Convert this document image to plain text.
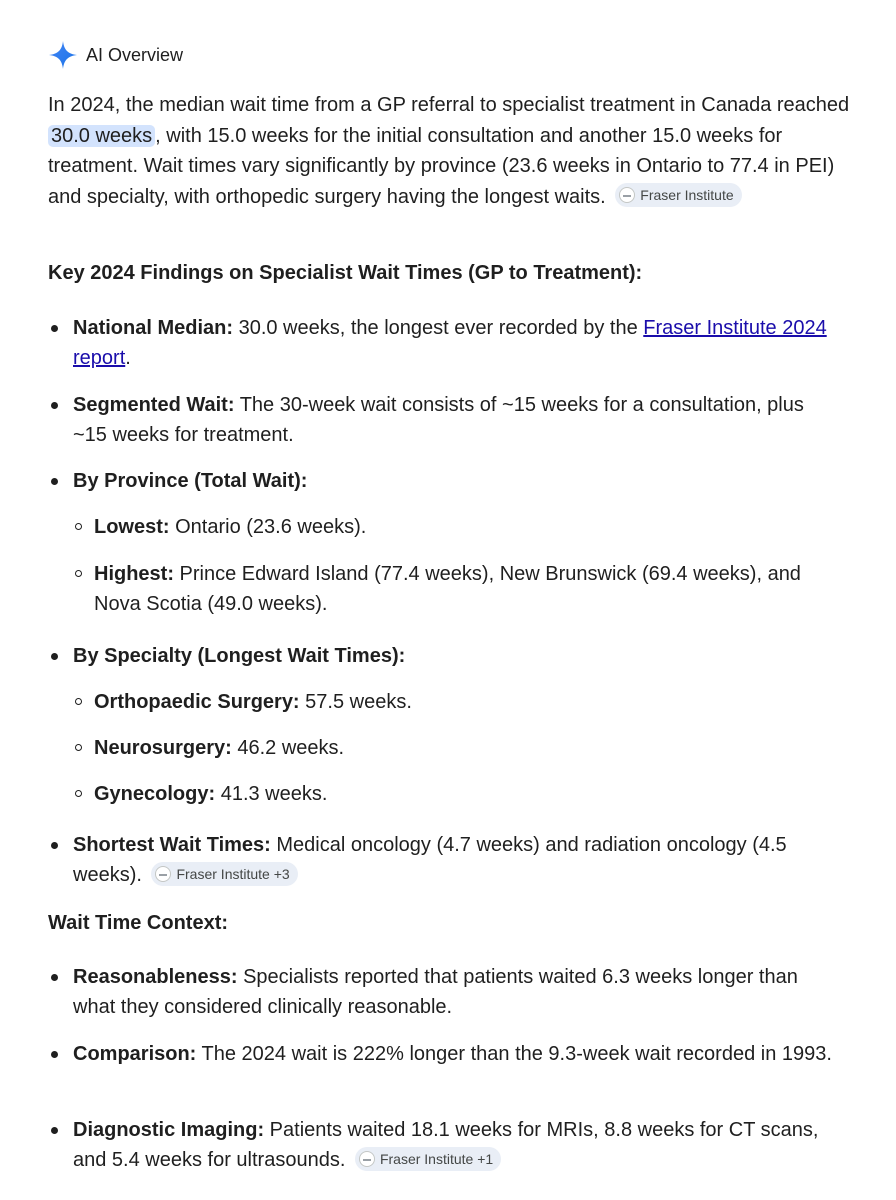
AI Overview
In 2024, the median wait time from a GP referral to specialist treatment in Canada reached 30.0 weeks , with 15.0 weeks for the initial consultation and another 15.0 weeks for treatment. Wait times vary significantly by province (23.6 weeks in Ontario to 77.4 in PEI) and specialty, with orthopedic surgery having the longest waits. Fraser Institute
Key 2024 Findings on Specialist Wait Times (GP to Treatment):
National Median: 30.0 weeks, the longest ever recorded by the Fraser Institute 2024 report.
Segmented Wait: The 30-week wait consists of ~15 weeks for a consultation, plus ~15 weeks for treatment.
By Province (Total Wait):
Lowest: Ontario (23.6 weeks).
Highest: Prince Edward Island (77.4 weeks), New Brunswick (69.4 weeks), and Nova Scotia (49.0 weeks).
By Specialty (Longest Wait Times):
Orthopaedic Surgery: 57.5 weeks.
Neurosurgery: 46.2 weeks.
Gynecology: 41.3 weeks.
Shortest Wait Times: Medical oncology (4.7 weeks) and radiation oncology (4.5 weeks). Fraser Institute +3
Wait Time Context:
Reasonableness: Specialists reported that patients waited 6.3 weeks longer than what they considered clinically reasonable.
Comparison: The 2024 wait is 222% longer than the 9.3-week wait recorded in 1993.
Diagnostic Imaging: Patients waited 18.1 weeks for MRIs, 8.8 weeks for CT scans, and 5.4 weeks for ultrasounds. Fraser Institute +1
